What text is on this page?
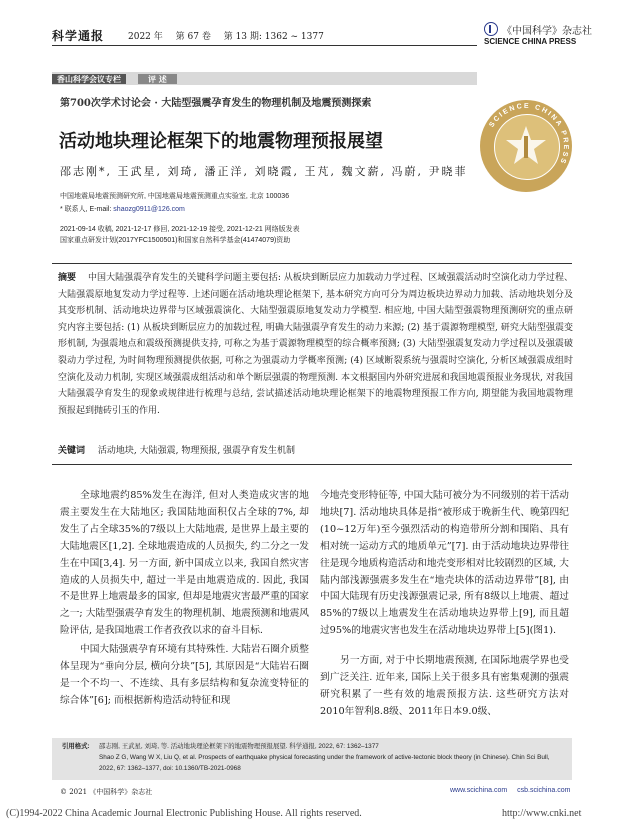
科学通报	2022 年 第 67 卷 第 13 期: 1362 ~ 1377	《中国科学》杂志社
SCIENCE CHINA PRESS
香山科学会议专栏	评 述
第700次学术讨论会 · 大陆型强震孕育发生的物理机制及地震预测探索
活动地块理论框架下的地震物理预报展望
邵志刚*, 王武星, 刘琦, 潘正洋, 刘晓霞, 王芃, 魏文薪, 冯蔚, 尹晓菲
中国地震局地震预测研究所, 中国地震局地震预测重点实验室, 北京 100036
* 联系人, E-mail: shaozg0911@126.com
2021-09-14 收稿, 2021-12-17 修回, 2021-12-19 接受, 2021-12-21 网络版发表
国家重点研发计划(2017YFC1500501)和国家自然科学基金(41474079)资助
SCIENCE CHINA PRESS
摘要 中国大陆强震孕育发生的关键科学问题主要包括: 从板块到断层应力加载动力学过程、区域强震活动时空演化动力学过程、大陆强震原地复发动力学过程等. 上述问题在活动地块理论框架下, 基本研究方向可分为周边板块边界动力加载、活动地块划分及其变形机制、活动地块边界带与区域强震演化、大陆型强震原地复发动力学模型. 相应地, 中国大陆型强震物理预测研究的重点研究内容主要包括: (1) 从板块到断层应力的加载过程, 明确大陆强震孕育发生的动力来源; (2) 基于震源物理模型, 研究大陆型强震变形机制, 为强震地点和震级预测提供支持, 可称之为基于震源物理模型的综合概率预测; (3) 大陆型强震复发动力学过程以及强震破裂动力学过程, 为时间物理预测提供依据, 可称之为强震动力学概率预测; (4) 区域断裂系统与强震时空演化, 分析区域强震成组时空演化及动力机制, 实现区域强震成组活动和单个断层强震的物理预测. 本文根据国内外研究进展和我国地震预报业务现状, 对我国大陆强震孕育发生的现象或规律进行梳理与总结, 尝试描述活动地块理论框架下的地震物理预报工作方向, 期望能为我国地震物理预报起到抛砖引玉的作用.
关键词 活动地块, 大陆强震, 物理预报, 强震孕育发生机制

全球地震约85%发生在海洋, 但对人类造成灾害的地震主要发生在大陆地区; 我国陆地面积仅占全球的7%, 却发生了占全球35%的7级以上大陆地震, 是世界上最主要的大陆地震区[1,2]. 全球地震造成的人员损失, 约二分之一发生在中国[3,4]. 另一方面, 新中国成立以来, 我国自然灾害造成的人员损失中, 超过一半是由地震造成的. 因此, 我国不是世界上地震最多的国家, 但却是地震灾害最严重的国家之一; 大陆型强震孕育发生的物理机制、地震预测和地震风险评估, 是我国地震工作者孜孜以求的奋斗目标.

中国大陆强震孕育环境有其特殊性. 大陆岩石圈介质整体呈现为“垂向分层, 横向分块”[5], 其原因是“大陆岩石圈是一个不均一、不连续、具有多层结构和复杂流变特征的综合体”[6]; 而根据新构造活动特征和现

今地壳变形特征等, 中国大陆可被分为不同级别的若干活动地块[7]. 活动地块具体是指“被形成于晚新生代、晚第四纪(10~12万年)至今强烈活动的构造带所分割和围陷、具有相对统一运动方式的地质单元”[7]. 由于活动地块边界带往往是现今地质构造活动和地壳变形相对比较剧烈的区域, 大陆内部浅源强震多发生在“地壳块体的活动边界带”[8], 由中国大陆现有历史浅源强震记录, 所有8级以上地震、超过85%的7级以上地震发生在活动地块边界带上[9], 而且超过95%的地震灾害也发生在活动地块边界带上[5](图1).

另一方面, 对于中长期地震预测, 在国际地震学界也受到广泛关注. 近年来, 国际上关于很多具有密集观测的强震研究积累了一些有效的地震预报方法. 这些研究方法对2010年智利8.8级、2011年日本9.0级、

引用格式: 邵志刚, 王武星, 刘琦, 等. 活动地块理论框架下的地震物理预报展望. 科学通报, 2022, 67: 1362–1377
Shao Z G, Wang W X, Liu Q, et al. Prospects of earthquake physical forecasting under the framework of active-tectonic block theory (in Chinese). Chin Sci Bull, 2022, 67: 1362–1377, doi: 10.1360/TB-2021-0968
© 2021 《中国科学》杂志社	www.scichina.com csb.scichina.com
(C)1994-2022 China Academic Journal Electronic Publishing House. All rights reserved.	http://www.cnki.net
